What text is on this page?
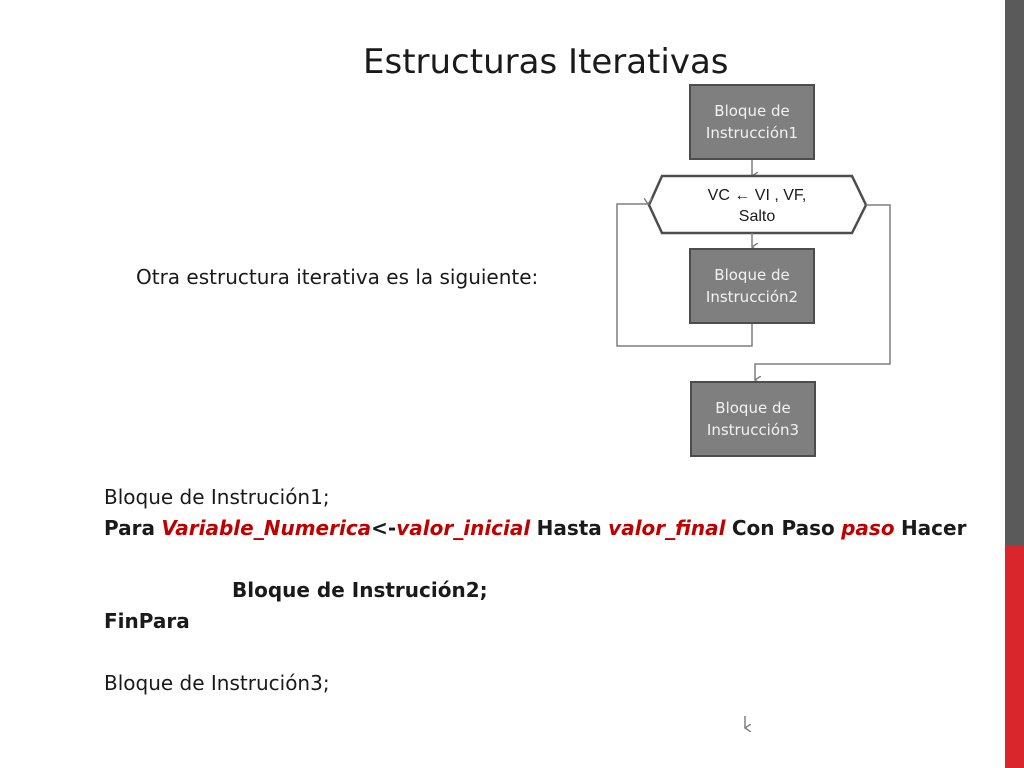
Estructuras Iterativas
Bloque de
Instrucción1
VC ← VI , VF,
Salto
Bloque de
Instrucción2
Bloque de
Instrucción3
Otra estructura iterativa es la siguiente:
Bloque de Instrución1;
Para Variable_Numerica<-valor_inicial Hasta valor_final Con Paso paso Hacer
Bloque de Instrución2;
FinPara
Bloque de Instrución3;
